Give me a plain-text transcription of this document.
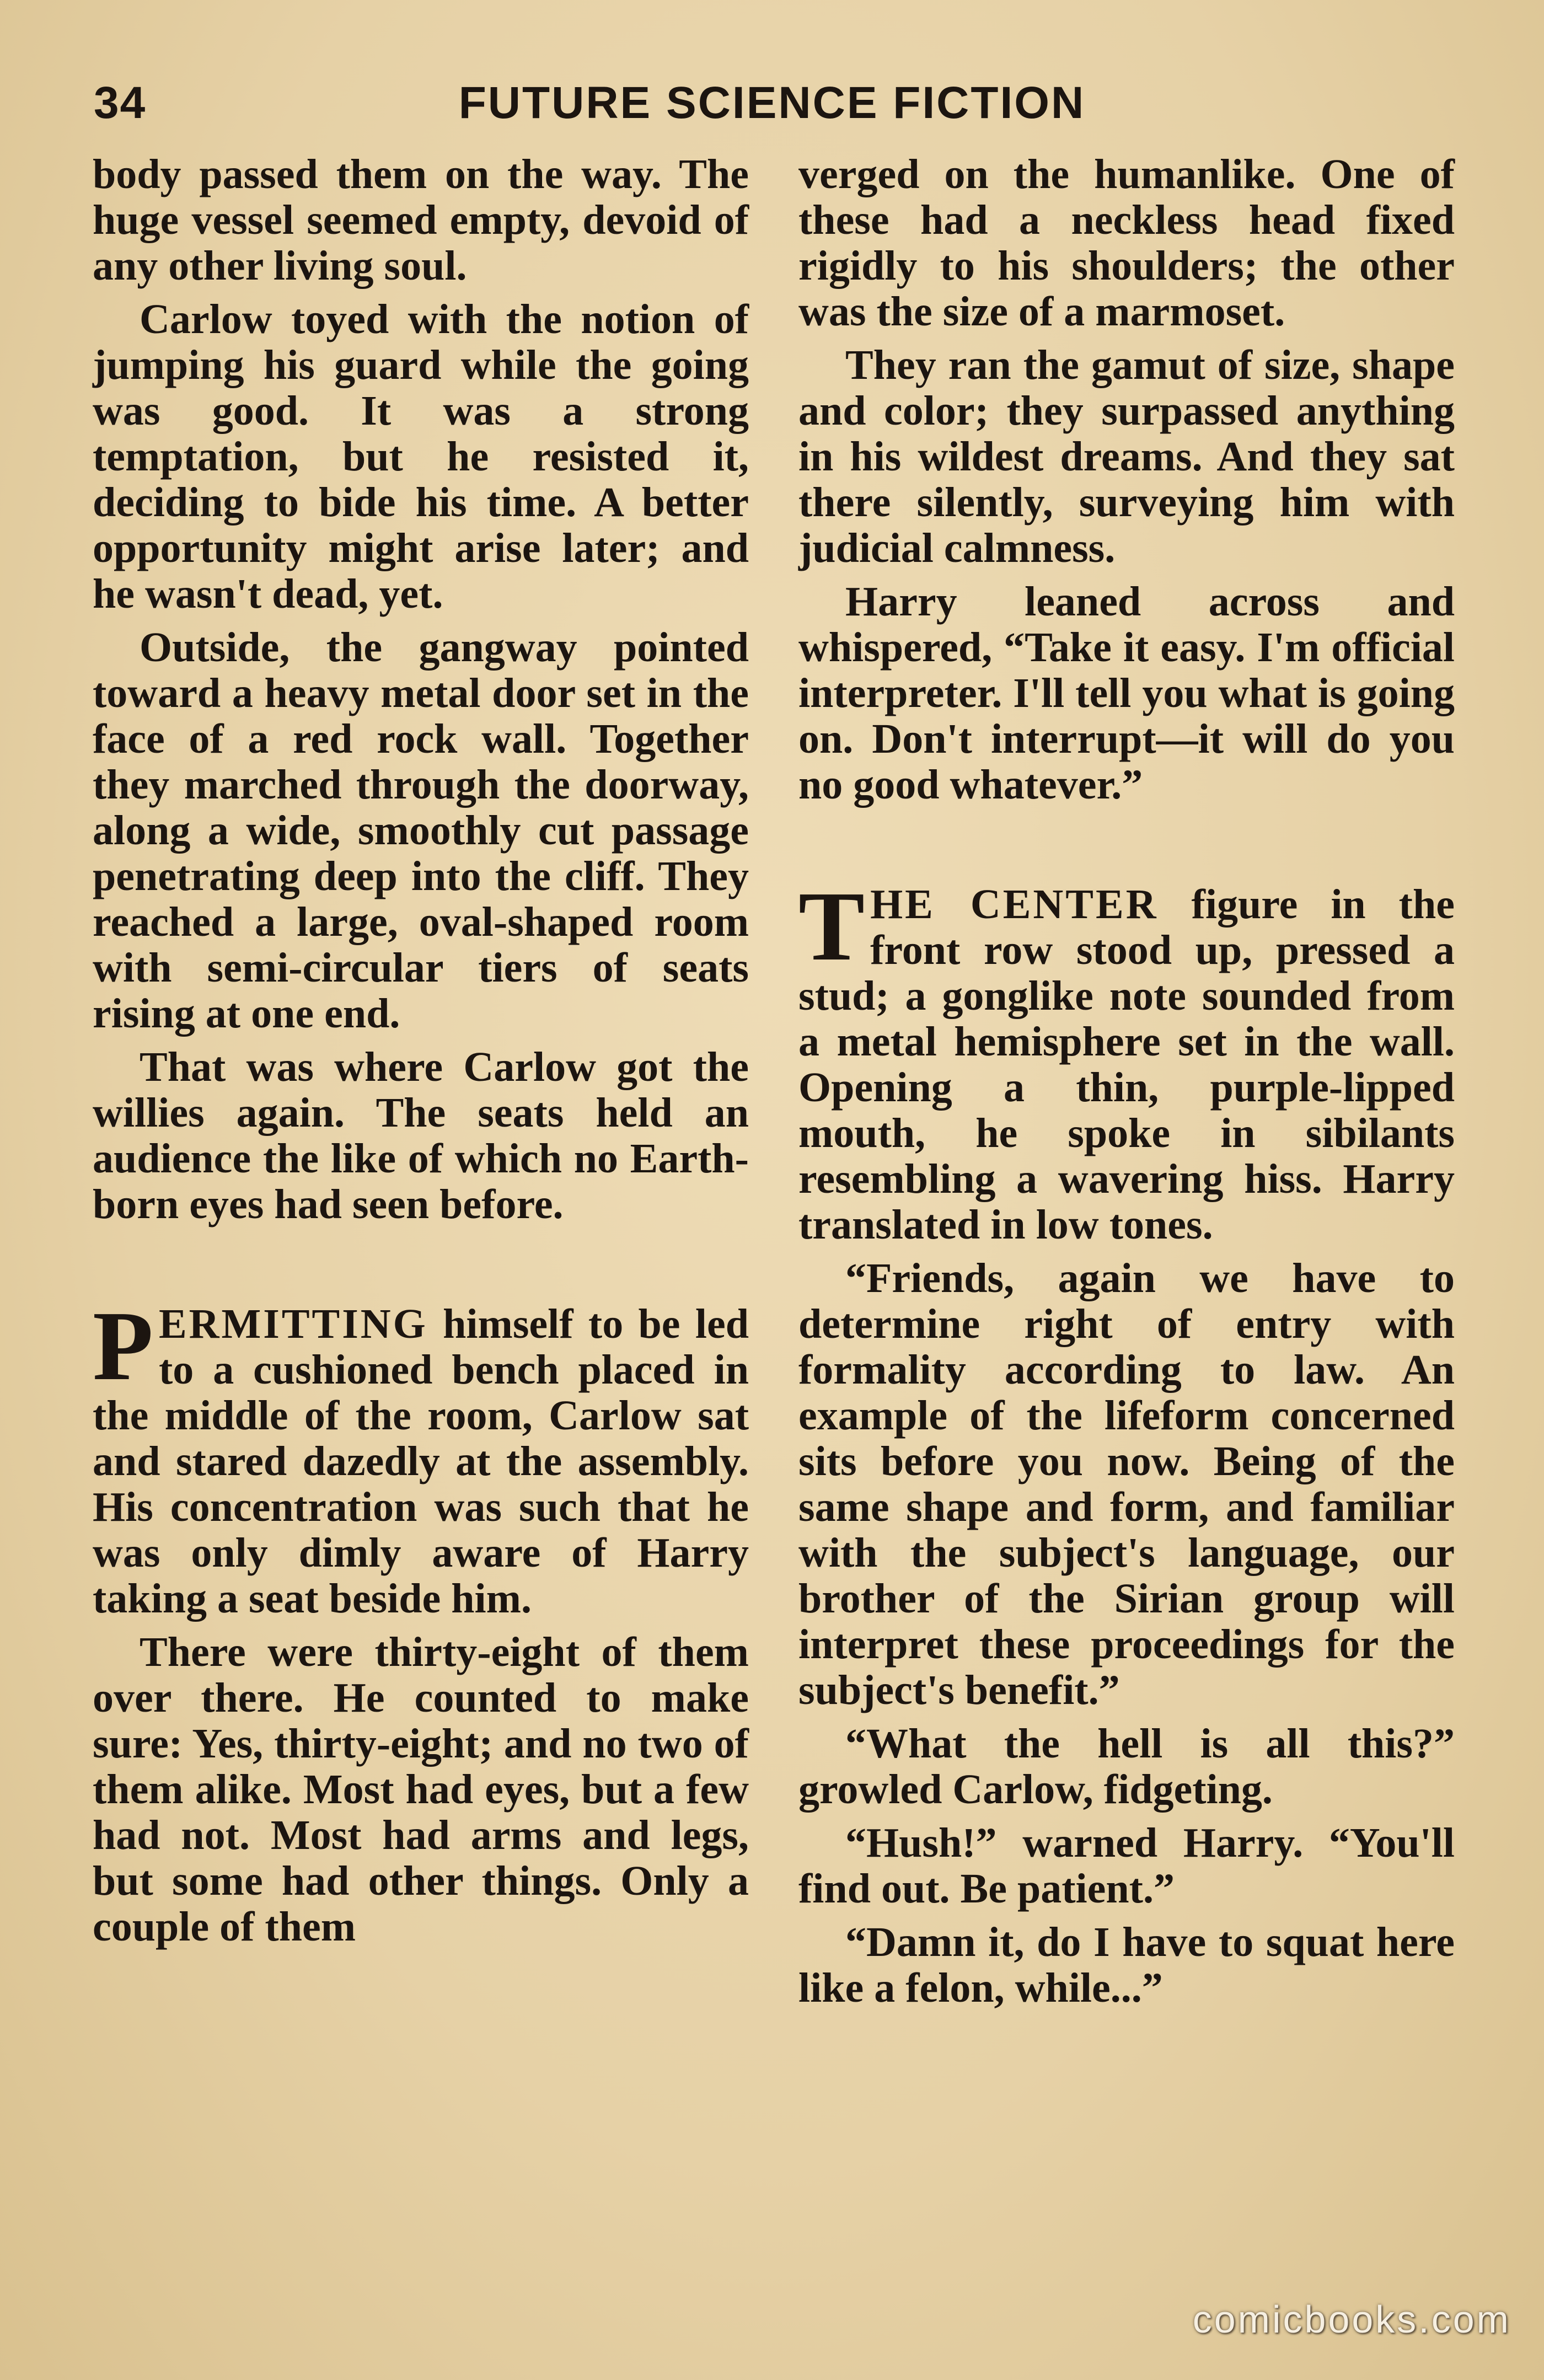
34	FUTURE SCIENCE FICTION

body passed them on the way. The huge vessel seemed empty, devoid of any other living soul.

Carlow toyed with the notion of jumping his guard while the going was good. It was a strong temptation, but he resisted it, deciding to bide his time. A better opportunity might arise later; and he wasn't dead, yet.

Outside, the gangway pointed toward a heavy metal door set in the face of a red rock wall. Together they marched through the doorway, along a wide, smoothly cut passage penetrating deep into the cliff. They reached a large, oval-shaped room with semi-circular tiers of seats rising at one end.

That was where Carlow got the willies again. The seats held an audience the like of which no Earth-born eyes had seen before.

PERMITTING himself to be led to a cushioned bench placed in the middle of the room, Carlow sat and stared dazedly at the assembly. His concentration was such that he was only dimly aware of Harry taking a seat beside him.

There were thirty-eight of them over there. He counted to make sure: Yes, thirty-eight; and no two of them alike. Most had eyes, but a few had not. Most had arms and legs, but some had other things. Only a couple of them

verged on the humanlike. One of these had a neckless head fixed rigidly to his shoulders; the other was the size of a marmoset.

They ran the gamut of size, shape and color; they surpassed anything in his wildest dreams. And they sat there silently, surveying him with judicial calmness.

Harry leaned across and whispered, “Take it easy. I'm official interpreter. I'll tell you what is going on. Don't interrupt—it will do you no good whatever.”

THE CENTER figure in the front row stood up, pressed a stud; a gonglike note sounded from a metal hemisphere set in the wall. Opening a thin, purple-lipped mouth, he spoke in sibilants resembling a wavering hiss. Harry translated in low tones.

“Friends, again we have to determine right of entry with formality according to law. An example of the lifeform concerned sits before you now. Being of the same shape and form, and familiar with the subject's language, our brother of the Sirian group will interpret these proceedings for the subject's benefit.”

“What the hell is all this?” growled Carlow, fidgeting.

“Hush!” warned Harry. “You'll find out. Be patient.”

“Damn it, do I have to squat here like a felon, while...”

comicbooks.com
